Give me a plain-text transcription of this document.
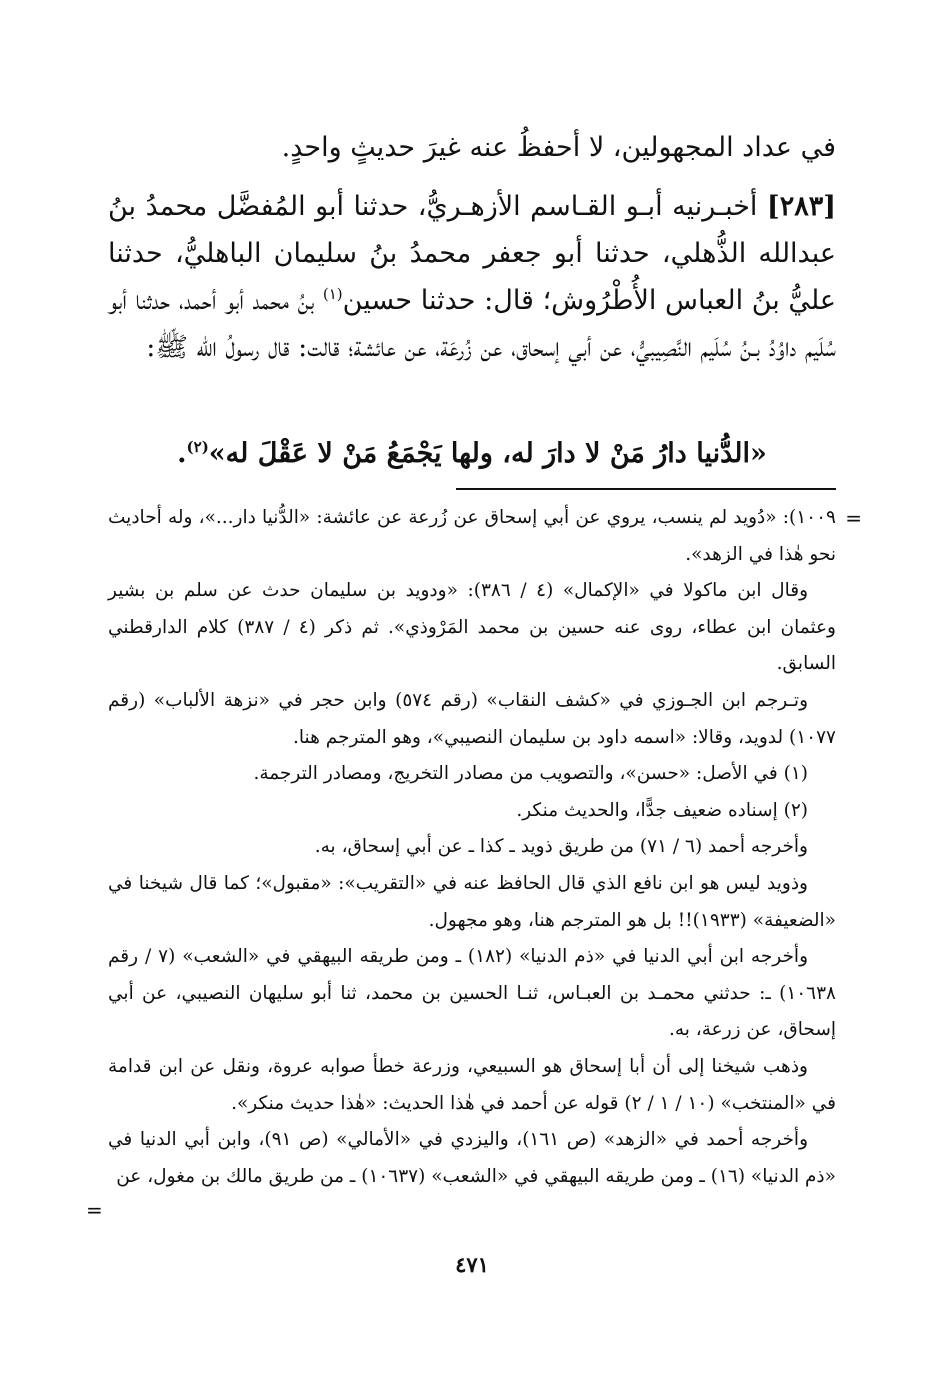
في عداد المجهولين، لا أحفظُ عنه غيرَ حديثٍ واحدٍ.
[٢٨٣] أخبـرنيه أبـو القـاسم الأزهـريُّ، حدثنا أبو المُفضَّل محمدُ بنُ عبدالله الذُّهلي، حدثنا أبو جعفر محمدُ بنُ سليمان الباهليُّ، حدثنا عليُّ بنُ العباس الأُطْرُوش؛ قال: حدثنا حسين$^{(١)}$ بنُ محمد أبو أحمد، حدثنا أبو سُلَيم داوُدُ بـنُ سُلَيم النَّصِيبيُّ، عن أبي إسحاق، عن زُرعَة، عن عائشة؛ قالت: قال رسولُ الله ﷺ:
«الدُّنيا دارُ مَنْ لا دارَ له، ولها يَجْمَعُ مَنْ لا عَقْلَ له»$^{(٢)}$.
=

١٠٠٩): «دُويد لم ينسب، يروي عن أبي إسحاق عن زُرعة عن عائشة: «الدُّنيا دار...»، وله أحاديث نحو هٰذا في الزهد».

وقال ابن ماكولا في «الإكمال» (٤ / ٣٨٦): «ودويد بن سليمان حدث عن سلم بن بشير وعثمان ابن عطاء، روى عنه حسين بن محمد المَرْوذي». ثم ذكر (٤ / ٣٨٧) كلام الدارقطني السابق.

وتـرجم ابن الجـوزي في «كشف النقاب» (رقم ٥٧٤) وابن حجر في «نزهة الألباب» (رقم ١٠٧٧) لدويد، وقالا: «اسمه داود بن سليمان النصيبي»، وهو المترجم هنا.

(١) في الأصل: «حسن»، والتصويب من مصادر التخريج، ومصادر الترجمة.

(٢) إسناده ضعيف جدًّا، والحديث منكر.

وأخرجه أحمد (٦ / ٧١) من طريق ذويد ـ كذا ـ عن أبي إسحاق، به.

وذويد ليس هو ابن نافع الذي قال الحافظ عنه في «التقريب»: «مقبول»؛ كما قال شيخنا في «الضعيفة» (١٩٣٣)!! بل هو المترجم هنا، وهو مجهول.

وأخرجه ابن أبي الدنيا في «ذم الدنيا» (١٨٢) ـ ومن طريقه البيهقي في «الشعب» (٧ / رقم ١٠٦٣٨) ـ: حدثني محمـد بن العبـاس، ثنـا الحسين بن محمد، ثنا أبو سليهان النصيبي، عن أبي إسحاق، عن زرعة، به.

وذهب شيخنا إلى أن أبا إسحاق هو السبيعي، وزرعة خطأ صوابه عروة، ونقل عن ابن قدامة في «المنتخب» (١٠ / ١ / ٢) قوله عن أحمد في هٰذا الحديث: «هٰذا حديث منكر».

وأخرجه أحمد في «الزهد» (ص ١٦١)، واليزدي في «الأمالي» (ص ٩١)، وابن أبي الدنيا في «ذم الدنيا» (١٦) ـ ومن طريقه البيهقي في «الشعب» (١٠٦٣٧) ـ من طريق مالك بن مغول، عن

=
٤٧١
